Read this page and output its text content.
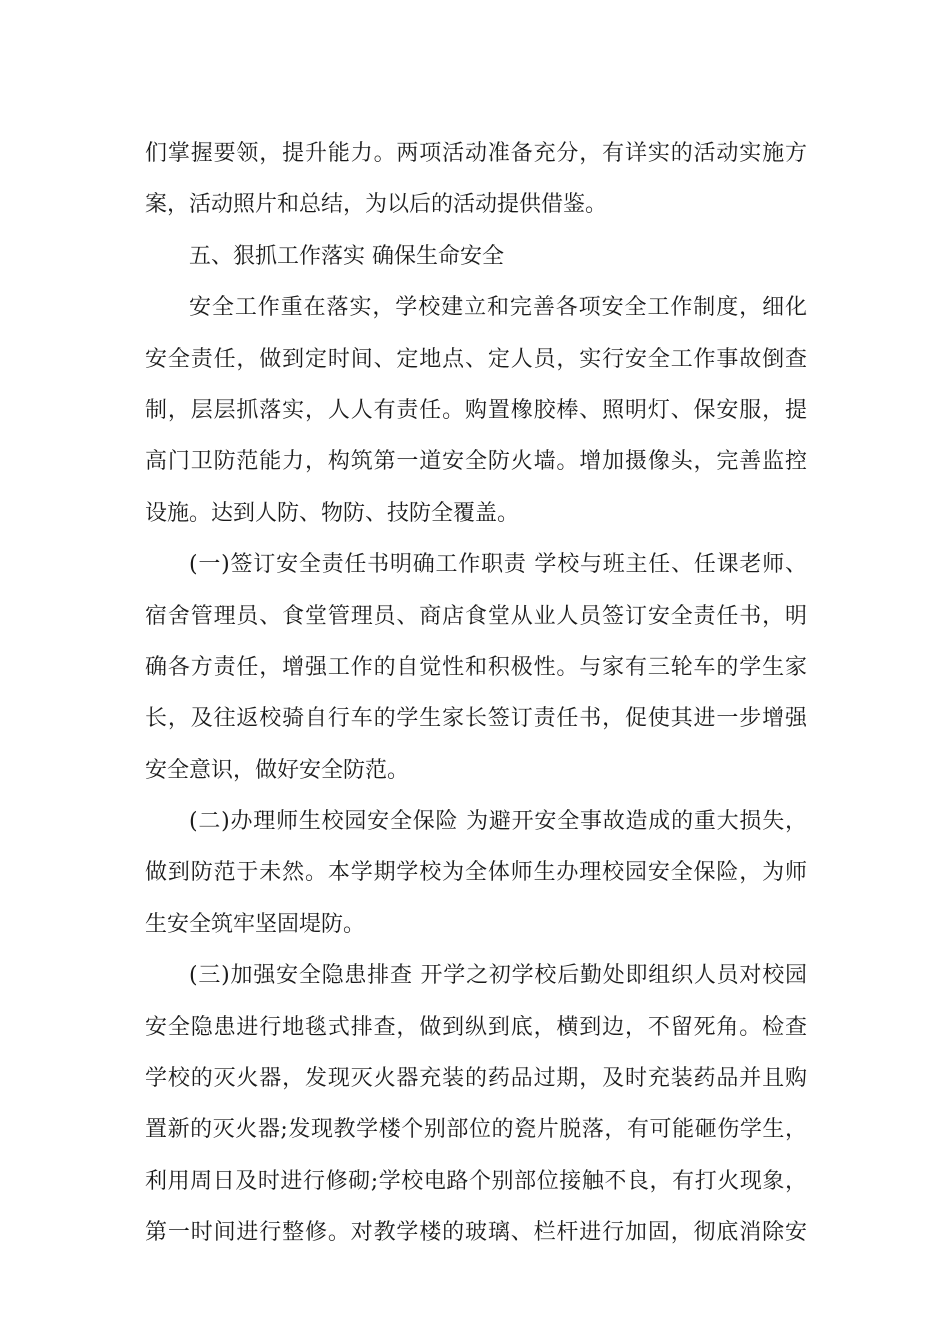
们掌握要领，提升能力。两项活动准备充分，有详实的活动实施方
案，活动照片和总结，为以后的活动提供借鉴。
五、狠抓工作落实 确保生命安全
安全工作重在落实，学校建立和完善各项安全工作制度，细化
安全责任，做到定时间、定地点、定人员，实行安全工作事故倒查
制，层层抓落实，人人有责任。购置橡胶棒、照明灯、保安服，提
高门卫防范能力，构筑第一道安全防火墙。增加摄像头，完善监控
设施。达到人防、物防、技防全覆盖。
(一)签订安全责任书明确工作职责 学校与班主任、任课老师、
宿舍管理员、食堂管理员、商店食堂从业人员签订安全责任书，明
确各方责任，增强工作的自觉性和积极性。与家有三轮车的学生家
长，及往返校骑自行车的学生家长签订责任书，促使其进一步增强
安全意识，做好安全防范。
(二)办理师生校园安全保险 为避开安全事故造成的重大损失，
做到防范于未然。本学期学校为全体师生办理校园安全保险，为师
生安全筑牢坚固堤防。
(三)加强安全隐患排查 开学之初学校后勤处即组织人员对校园
安全隐患进行地毯式排查，做到纵到底，横到边，不留死角。检查
学校的灭火器，发现灭火器充装的药品过期，及时充装药品并且购
置新的灭火器;发现教学楼个别部位的瓷片脱落，有可能砸伤学生，
利用周日及时进行修砌;学校电路个别部位接触不良，有打火现象，
第一时间进行整修。对教学楼的玻璃、栏杆进行加固，彻底消除安
